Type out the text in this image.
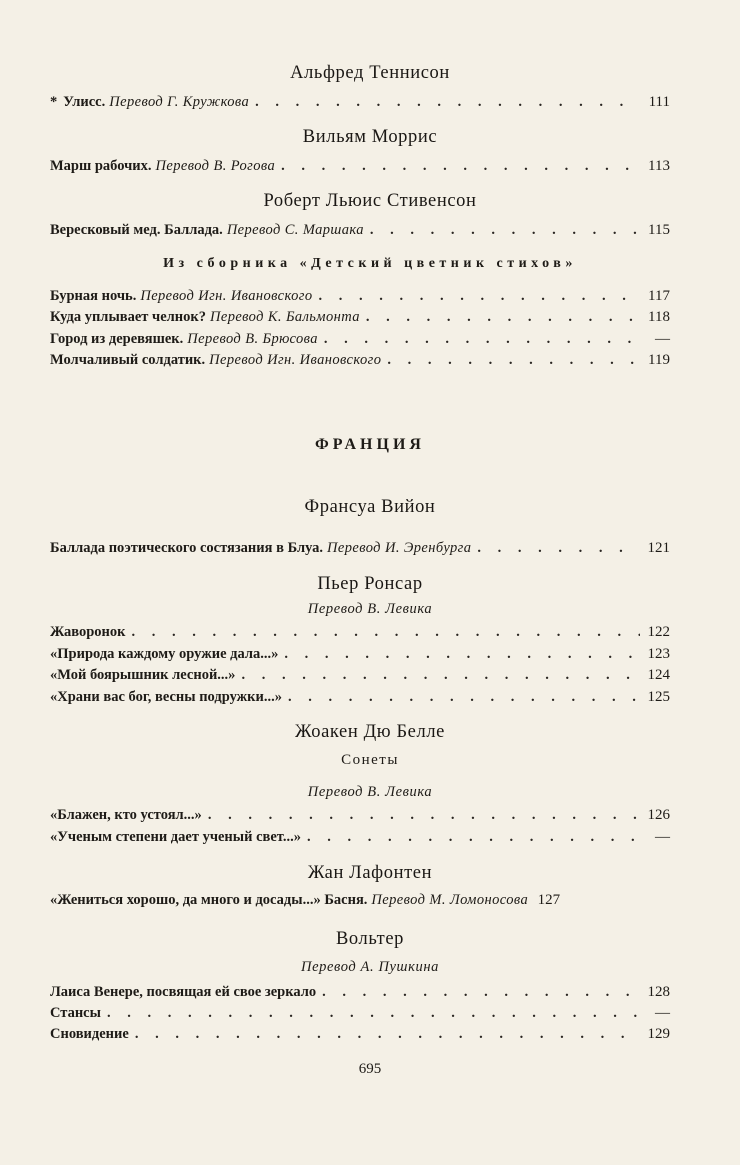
Альфред Теннисон
* Улисс. Перевод Г. Кружкова . . .	111
Вильям Моррис
Марш рабочих. Перевод В. Рогова . . .	113
Роберт Льюис Стивенсон
Вересковый мед. Баллада. Перевод С. Маршака . . .	115
Из сборника «Детский цветник стихов»
Бурная ночь. Перевод Игн. Ивановского . . .	117
Куда уплывает челнок? Перевод К. Бальмонта . . .	118
Город из деревяшек. Перевод В. Брюсова . . .	—
Молчаливый солдатик. Перевод Игн. Ивановского . . .	119
ФРАНЦИЯ
Франсуа Вийон
Баллада поэтического состязания в Блуа. Перевод И. Эренбурга . . .	121
Пьер Ронсар
Перевод В. Левика
Жаворонок . . .	122
«Природа каждому оружие дала...» . . .	123
«Мой боярышник лесной...» . . .	124
«Храни вас бог, весны подружки...» . . .	125
Жоакен Дю Белле
Сонеты
Перевод В. Левика
«Блажен, кто устоял...» . . .	126
«Ученым степени дает ученый свет...» . . .	—
Жан Лафонтен
«Жениться хорошо, да много и досады...» Басня. Перевод М. Ломоносова 127
Вольтер
Перевод А. Пушкина
Лаиса Венере, посвящая ей свое зеркало . . .	128
Стансы . . .	—
Сновидение . . .	129
695
